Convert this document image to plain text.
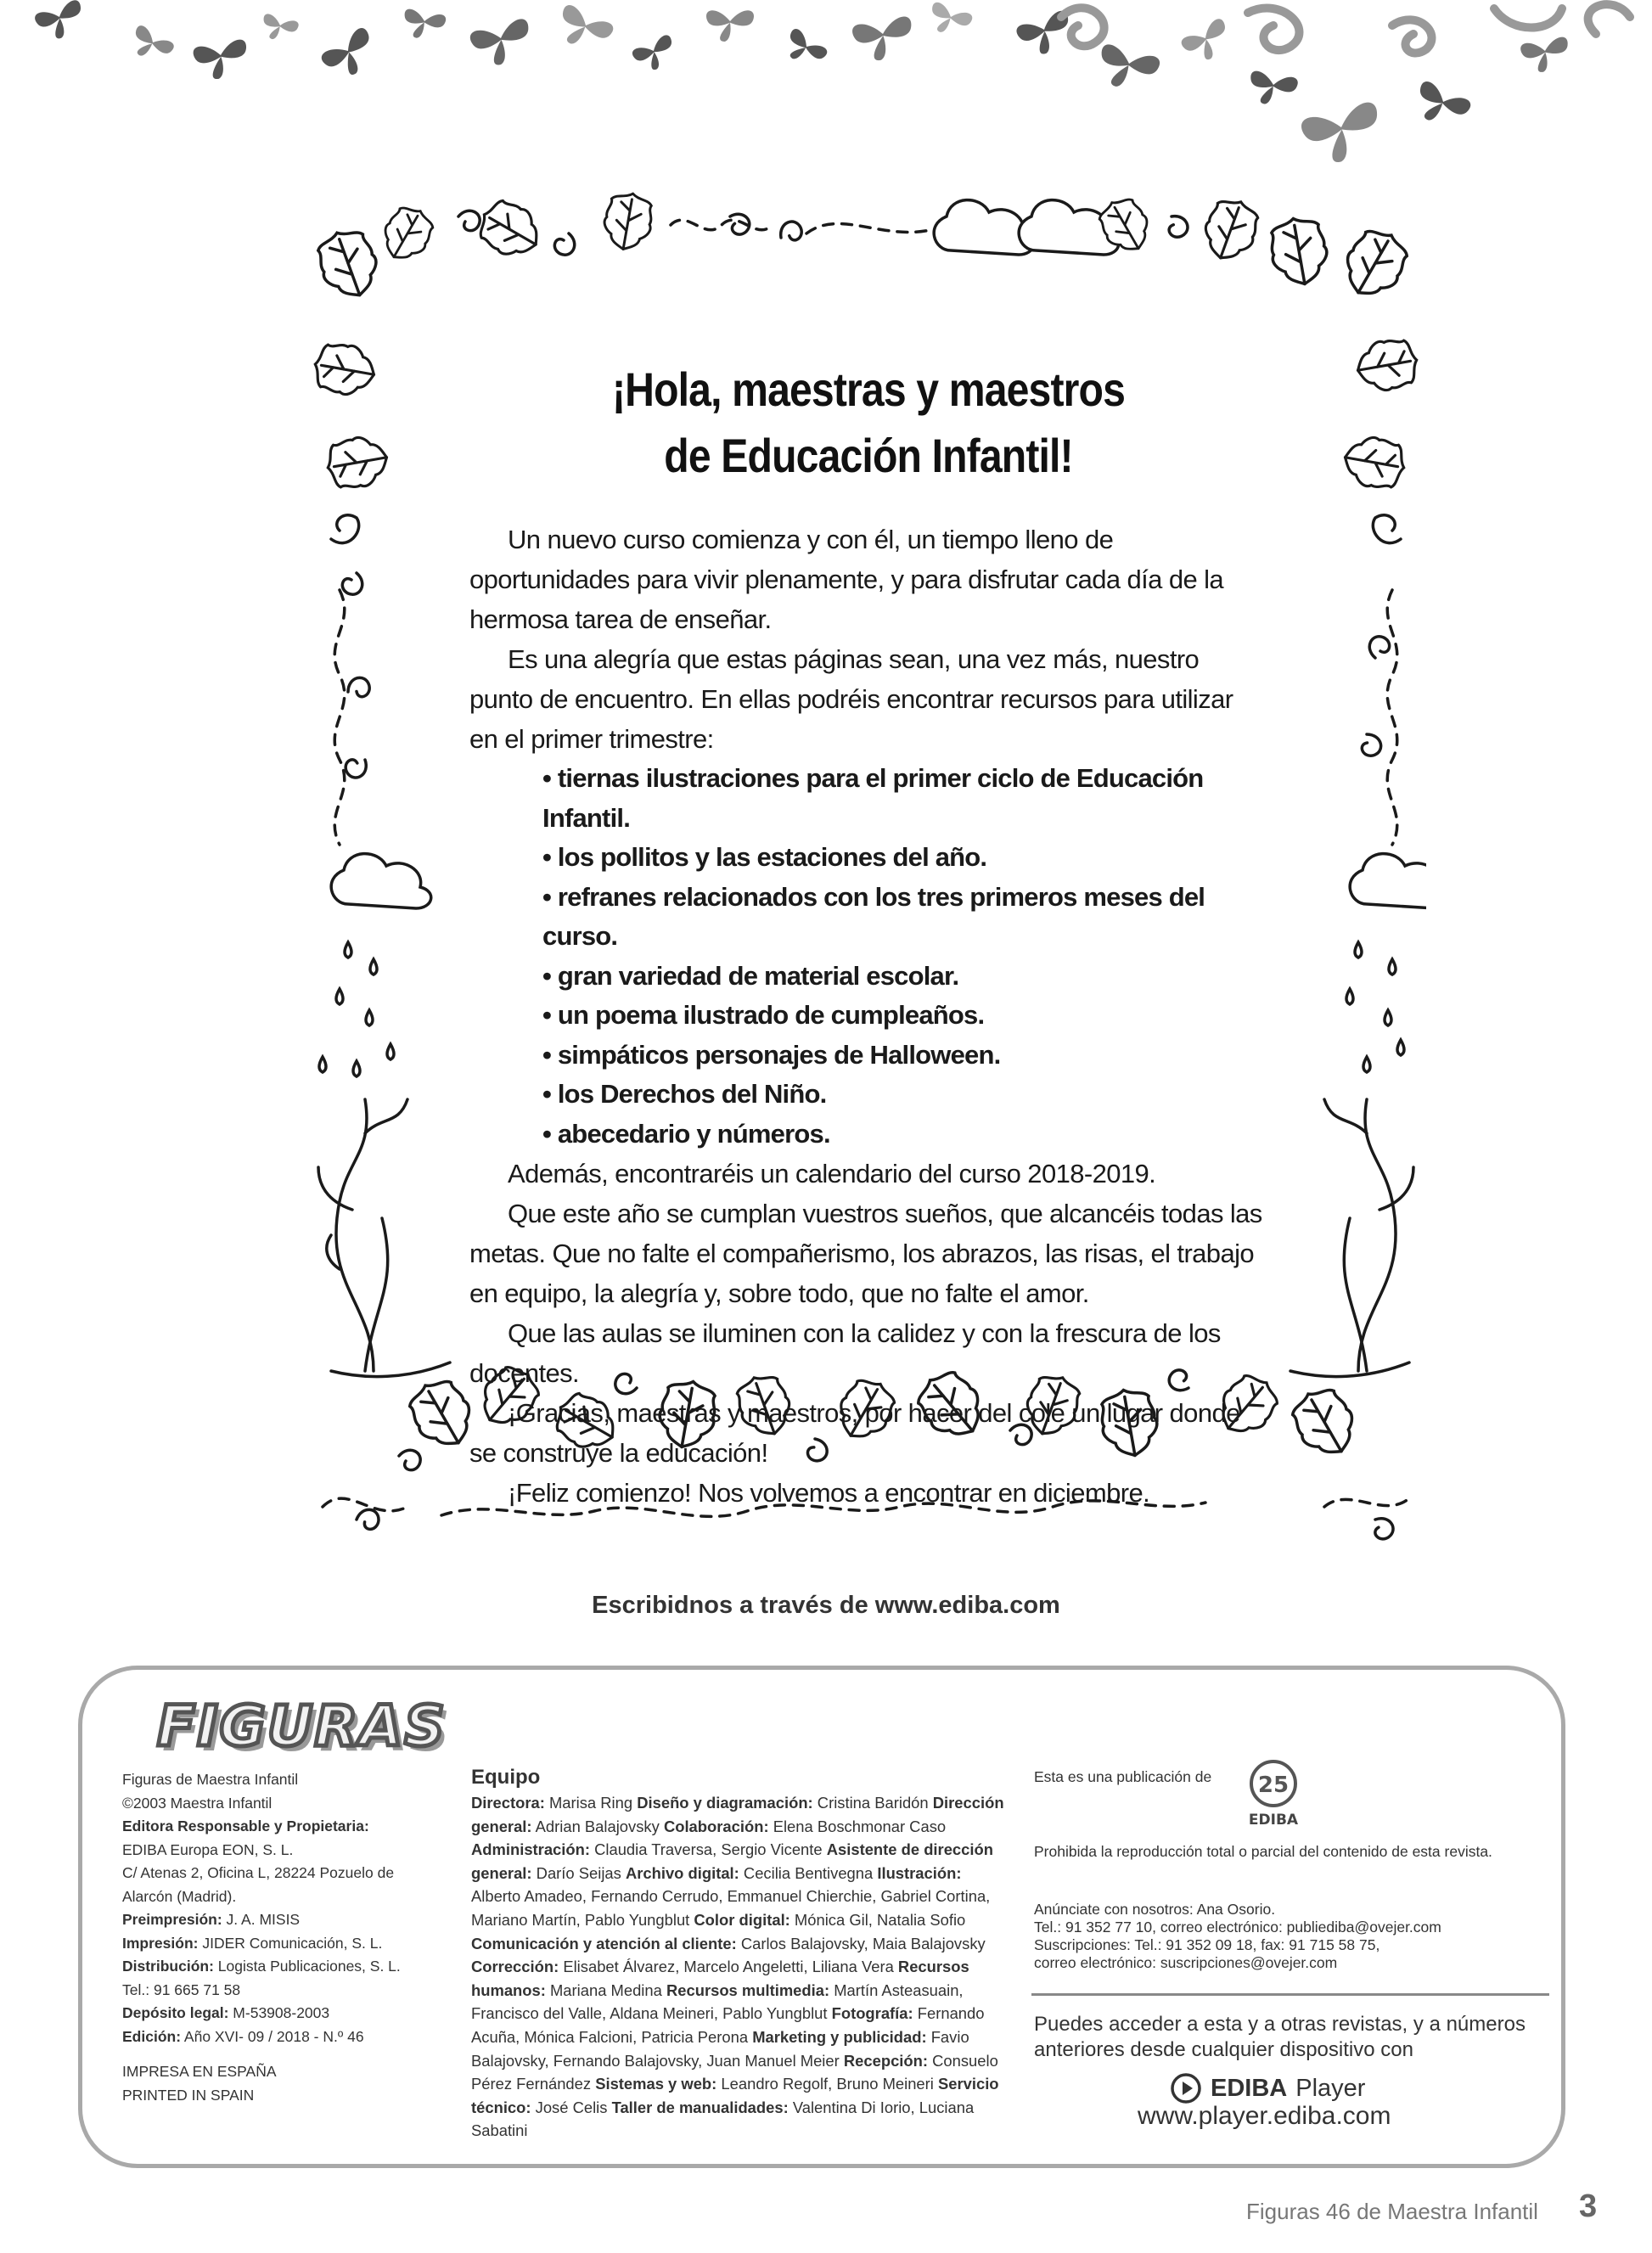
¡Hola, maestras y maestros
de Educación Infantil!

Un nuevo curso comienza y con él, un tiempo lleno de oportunidades para vivir plenamente, y para disfrutar cada día de la hermosa tarea de enseñar.

Es una alegría que estas páginas sean, una vez más, nuestro punto de encuentro. En ellas podréis encontrar recursos para utilizar en el primer trimestre:

• tiernas ilustraciones para el primer ciclo de Educación Infantil.
• los pollitos y las estaciones del año.
• refranes relacionados con los tres primeros meses del curso.
• gran variedad de material escolar.
• un poema ilustrado de cumpleaños.
• simpáticos personajes de Halloween.
• los Derechos del Niño.
• abecedario y números.

Además, encontraréis un calendario del curso 2018-2019.

Que este año se cumplan vuestros sueños, que alcancéis todas las metas. Que no falte el compañerismo, los abrazos, las risas, el trabajo en equipo, la alegría y, sobre todo, que no falte el amor.

Que las aulas se iluminen con la calidez y con la frescura de los docentes.

¡Gracias, maestras y maestros, por hacer del cole un lugar donde se construye la educación!

¡Feliz comienzo! Nos volvemos a encontrar en diciembre.

Escribidnos a través de www.ediba.com
FIGURAS
Figuras de Maestra Infantil
©2003 Maestra Infantil
Editora Responsable y Propietaria:
EDIBA Europa EON, S. L.
C/ Atenas 2, Oficina L, 28224 Pozuelo de Alarcón (Madrid).
Preimpresión: J. A. MISIS
Impresión: JIDER Comunicación, S. L.
Distribución: Logista Publicaciones, S. L.
Tel.: 91 665 71 58
Depósito legal: M-53908-2003
Edición: Año XVI- 09 / 2018 - N.º 46
IMPRESA EN ESPAÑA
PRINTED IN SPAIN
Equipo
Directora: Marisa Ring Diseño y diagramación: Cristina Baridón Dirección general: Adrian Balajovsky Colaboración: Elena Boschmonar Caso Administración: Claudia Traversa, Sergio Vicente Asistente de dirección general: Darío Seijas Archivo digital: Cecilia Bentivegna Ilustración: Alberto Amadeo, Fernando Cerrudo, Emmanuel Chierchie, Gabriel Cortina, Mariano Martín, Pablo Yungblut Color digital: Mónica Gil, Natalia Sofio Comunicación y atención al cliente: Carlos Balajovsky, Maia Balajovsky Corrección: Elisabet Álvarez, Marcelo Angeletti, Liliana Vera Recursos humanos: Mariana Medina Recursos multimedia: Martín Asteasuain, Francisco del Valle, Aldana Meineri, Pablo Yungblut Fotografía: Fernando Acuña, Mónica Falcioni, Patricia Perona Marketing y publicidad: Favio Balajovsky, Fernando Balajovsky, Juan Manuel Meier Recepción: Consuelo Pérez Fernández Sistemas y web: Leandro Regolf, Bruno Meineri Servicio técnico: José Celis Taller de manualidades: Valentina Di Iorio, Luciana Sabatini
Esta es una publicación de
Prohibida la reproducción total o parcial del contenido de esta revista.
Anúnciate con nosotros: Ana Osorio.
Tel.: 91 352 77 10, correo electrónico: publiediba@ovejer.com
Suscripciones: Tel.: 91 352 09 18, fax: 91 715 58 75,
correo electrónico: suscripciones@ovejer.com
25
EDIBA
Puedes acceder a esta y a otras revistas, y a números anteriores desde cualquier dispositivo con
EDIBA Player
www.player.ediba.com
Figuras 46 de Maestra Infantil 3
